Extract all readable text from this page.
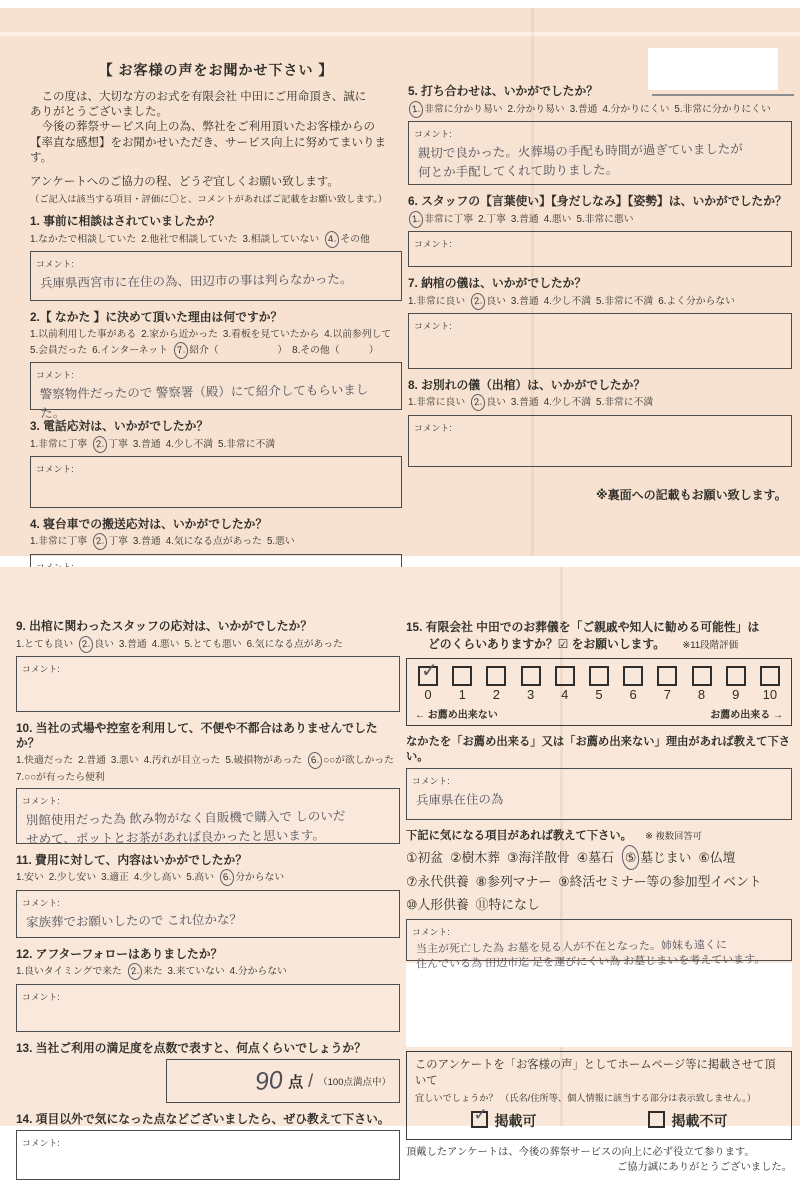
【 お客様の声をお聞かせ下さい 】
　この度は、大切な方のお式を有限会社 中田にご用命頂き、誠に
ありがとうございました。
　今後の葬祭サービス向上の為、弊社をご利用頂いたお客様からの
【率直な感想】をお聞かせいただき、サービス向上に努めてまいります。
アンケートへのご協力の程、どうぞ宜しくお願い致します。
（ご記入は該当する項目・評価に〇と、コメントがあればご記載をお願い致します。）
1. 事前に相談はされていましたか？
1.なかたで相談していた 2.他社で相談していた 3.相談していない 4. その他
コメント:
兵庫県西宮市に在住の為、田辺市の事は判らなかった。
2.【 なかた 】に決めて頂いた理由は何ですか？
1.以前利用した事がある 2.家から近かった 3.看板を見ていたから 4.以前参列して5.会員だった 6.インターネット 7. 紹介（　　　　　　） 8.その他（　　　）
コメント:
警察物件だったので 警察署（殿）にて紹介してもらいました。
3. 電話応対は、いかがでしたか？
1.非常に丁寧 2. 丁寧 3.普通 4.少し不満 5.非常に不満
コメント:
4. 寝台車での搬送応対は、いかがでしたか？
1.非常に丁寧 2. 丁寧 3.普通 4.気になる点があった 5.悪い
5. 打ち合わせは、いかがでしたか？
1. 非常に分かり易い 2.分かり易い 3.普通 4.分かりにくい 5.非常に分かりにくい
コメント:
親切で良かった。火葬場の手配も時間が過ぎていましたが
何とか手配してくれて助りました。
6. スタッフの【言葉使い】【身だしなみ】【姿勢】は、いかがでしたか？
1. 非常に丁寧 2.丁寧 3.普通 4.悪い 5.非常に悪い
コメント:
7. 納棺の儀は、いかがでしたか？
1.非常に良い 2. 良い 3.普通 4.少し不満 5.非常に不満 6.よく分からない
コメント:
8. お別れの儀（出棺）は、いかがでしたか？
1.非常に良い 2. 良い 3.普通 4.少し不満 5.非常に不満
コメント:
※裏面への記載もお願い致します。
9. 出棺に関わったスタッフの応対は、いかがでしたか？
1.とても良い 2. 良い 3.普通 4.悪い 5.とても悪い 6.気になる点があった
コメント:
10. 当社の式場や控室を利用して、不便や不都合はありませんでしたか？
1.快適だった 2.普通 3.悪い 4.汚れが目立った 5.破損物があった 6. ○○が欲しかった7.○○が有ったら便利
コメント:
別館使用だった為 飲み物がなく自販機で購入で しのいだ
せめて、ポットとお茶があれば良かったと思います。
11. 費用に対して、内容はいかがでしたか？
1.安い 2.少し安い 3.適正 4.少し高い 5.高い 6. 分からない
コメント:
家族葬でお願いしたので これ位かな？
12. アフターフォローはありましたか？
1.良いタイミングで来た 2. 来た 3.来ていない 4.分からない
コメント:
13. 当社ご利用の満足度を点数で表すと、何点くらいでしょうか？
90 点 / （100点満点中）
14. 項目以外で気になった点などございましたら、ぜひ教えて下さい。
コメント:
15. 有限会社 中田でのお葬儀を「ご親戚や知人に勧める可能性」は
どのくらいありますか？☑ をお願いします。 ※11段階評価
✓
0	1	2	3	4	5	6	7	8	9	10
← お薦め出来ない	お薦め出来る →
なかたを「お薦め出来る」又は「お薦め出来ない」理由があれば教えて下さい。
コメント:
兵庫県在住の為
下記に気になる項目があれば教えて下さい。 ※ 複数回答可
①初盆 ②樹木葬 ③海洋散骨 ④墓石 ⑤ 墓じまい ⑥仏壇⑦永代供養 ⑧参列マナー ⑨終活セミナー等の参加型イベント⑩人形供養 ⑪特になし
コメント:
当主が死亡した為 お墓を見る人が不在となった。姉妹も遠くに
住んでいる為 田辺市迄 足を運びにくい為 お墓じまいを考えています。
このアンケートを「お客様の声」としてホームページ等に掲載させて頂いて
宜しいでしょうか？ （氏名/住所等、個人情報に該当する部分は表示致しません。）
✓ 掲載可	掲載不可
頂戴したアンケートは、今後の葬祭サービスの向上に必ず役立て参ります。
ご協力誠にありがとうございました。
